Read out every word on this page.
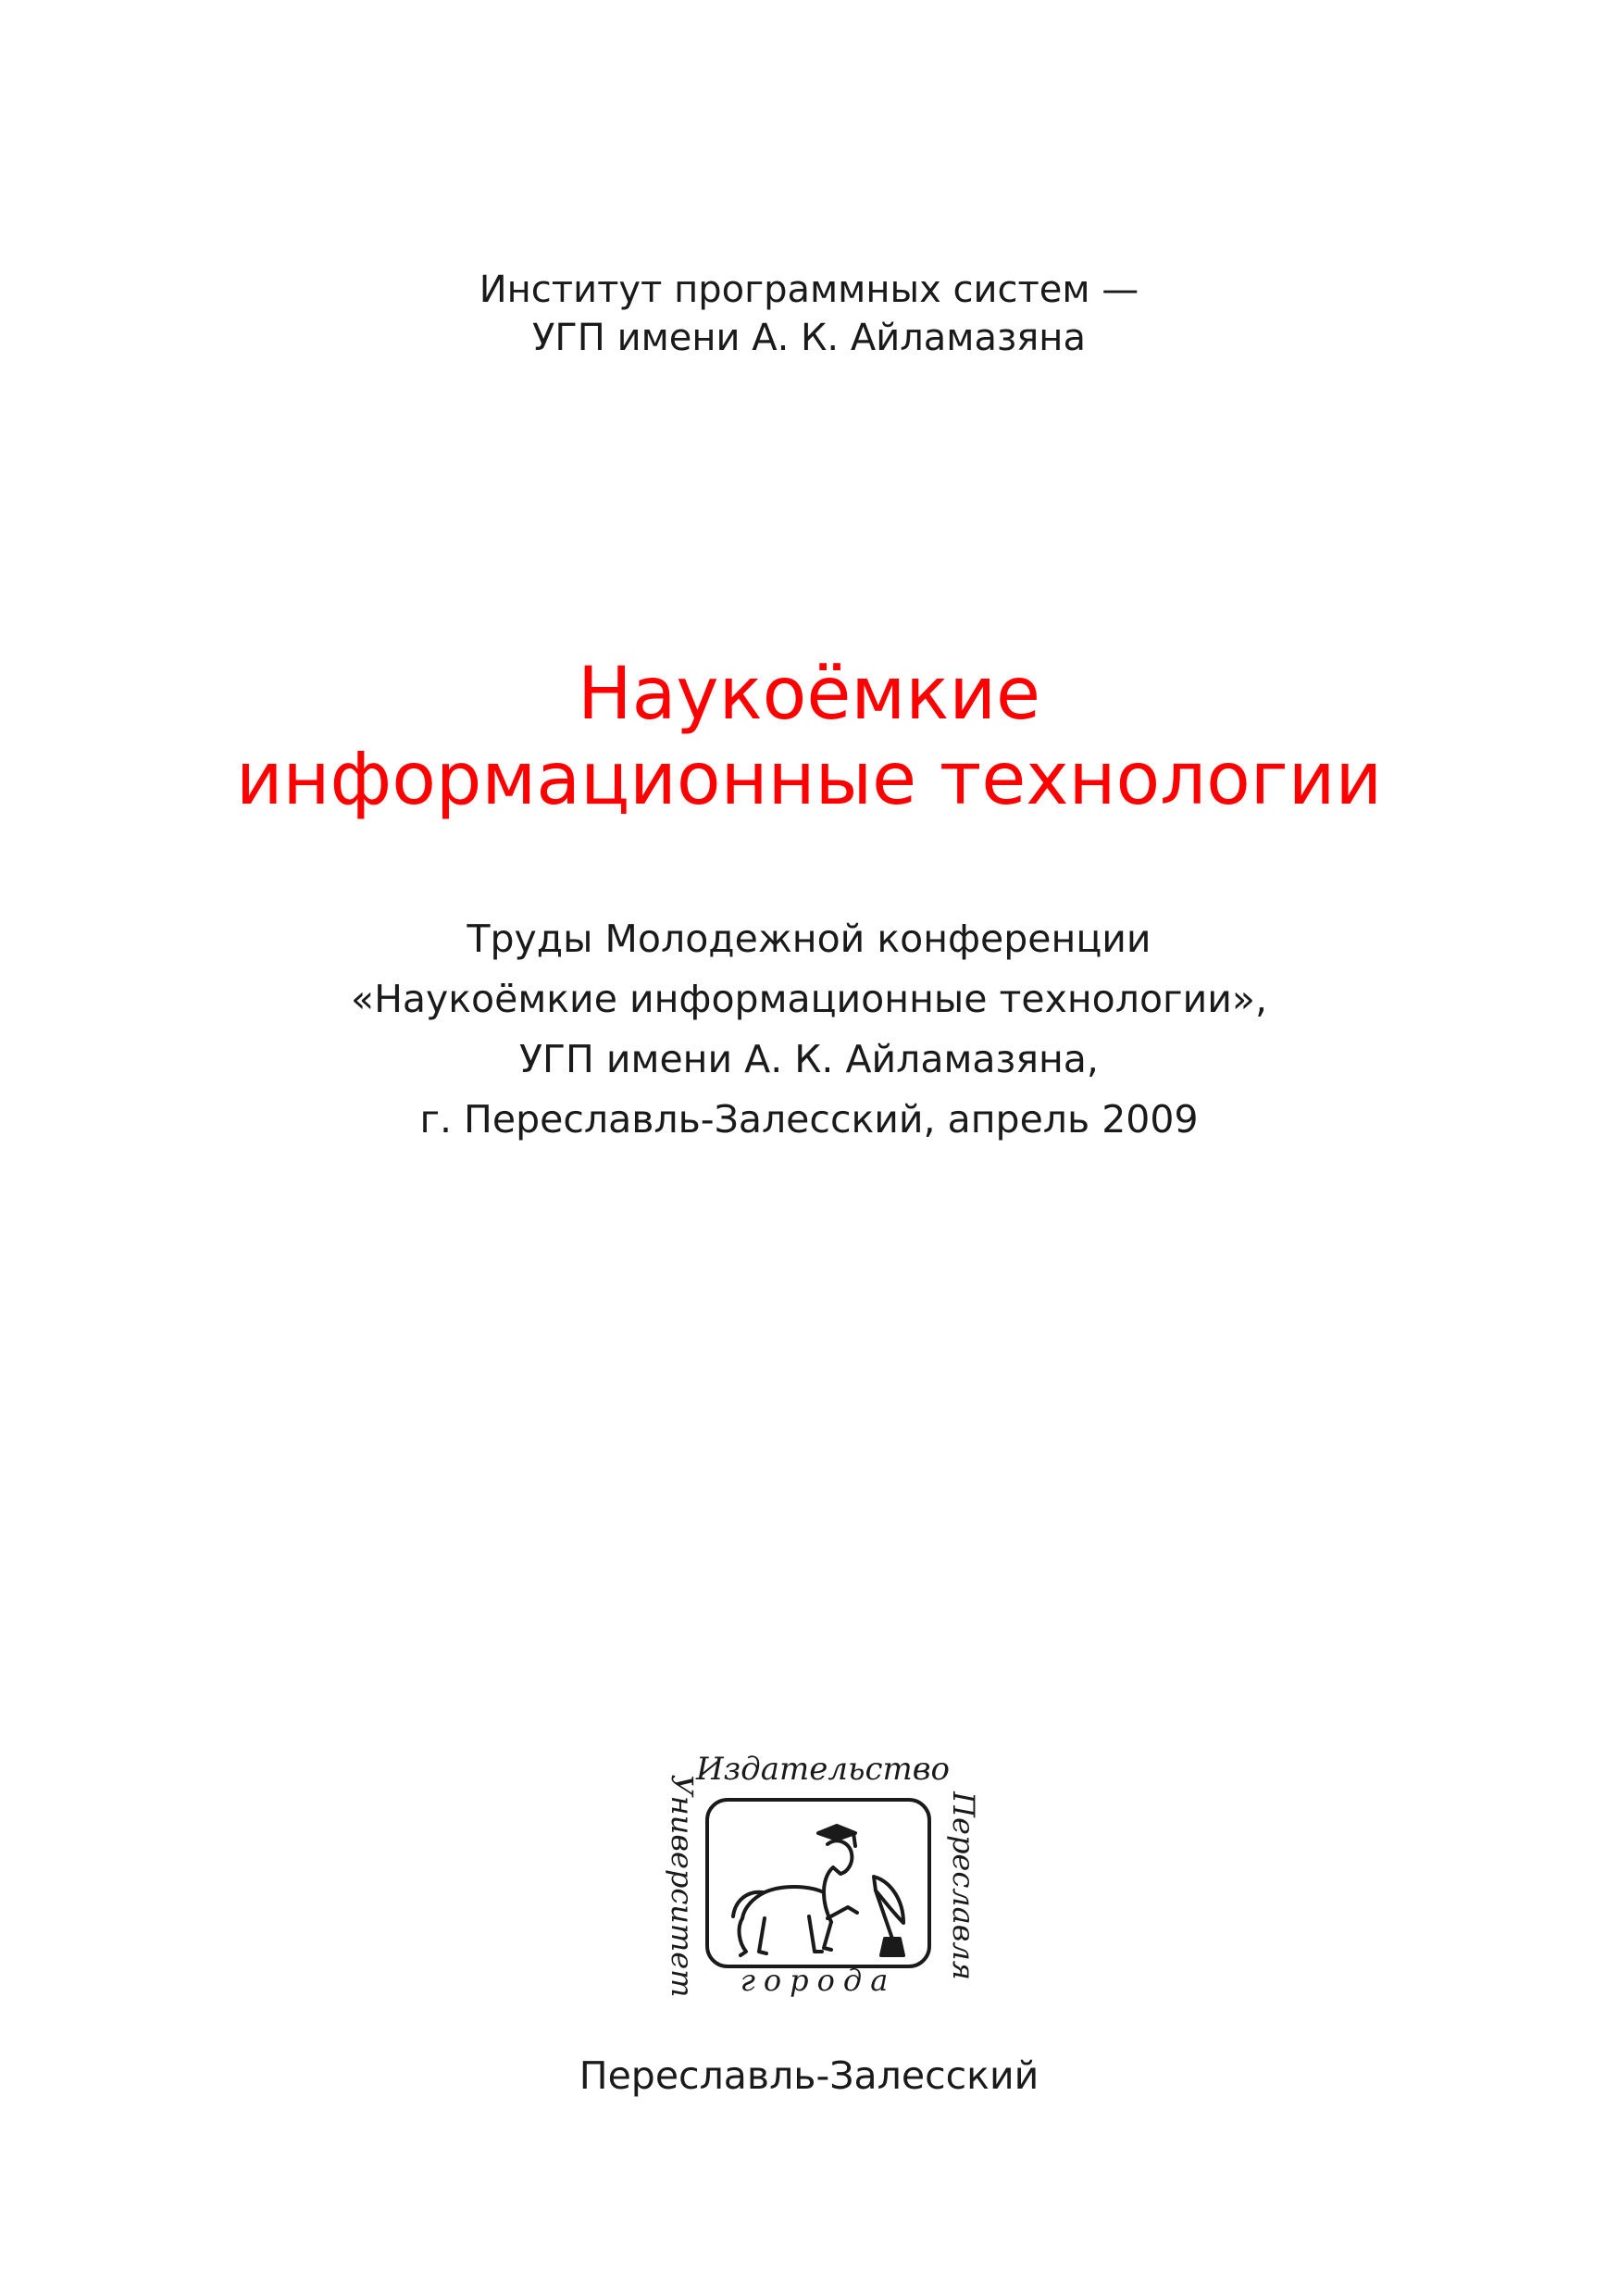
Институт программных систем —
УГП имени А. К. Айламазяна
Наукоёмкие
информационные технологии
Труды Молодежной конференции
«Наукоёмкие информационные технологии»,
УГП имени А. К. Айламазяна,
г. Переславль-Залесский, апрель 2009
Издательство
Университет	Переславля
города
Переславль-Залесский
